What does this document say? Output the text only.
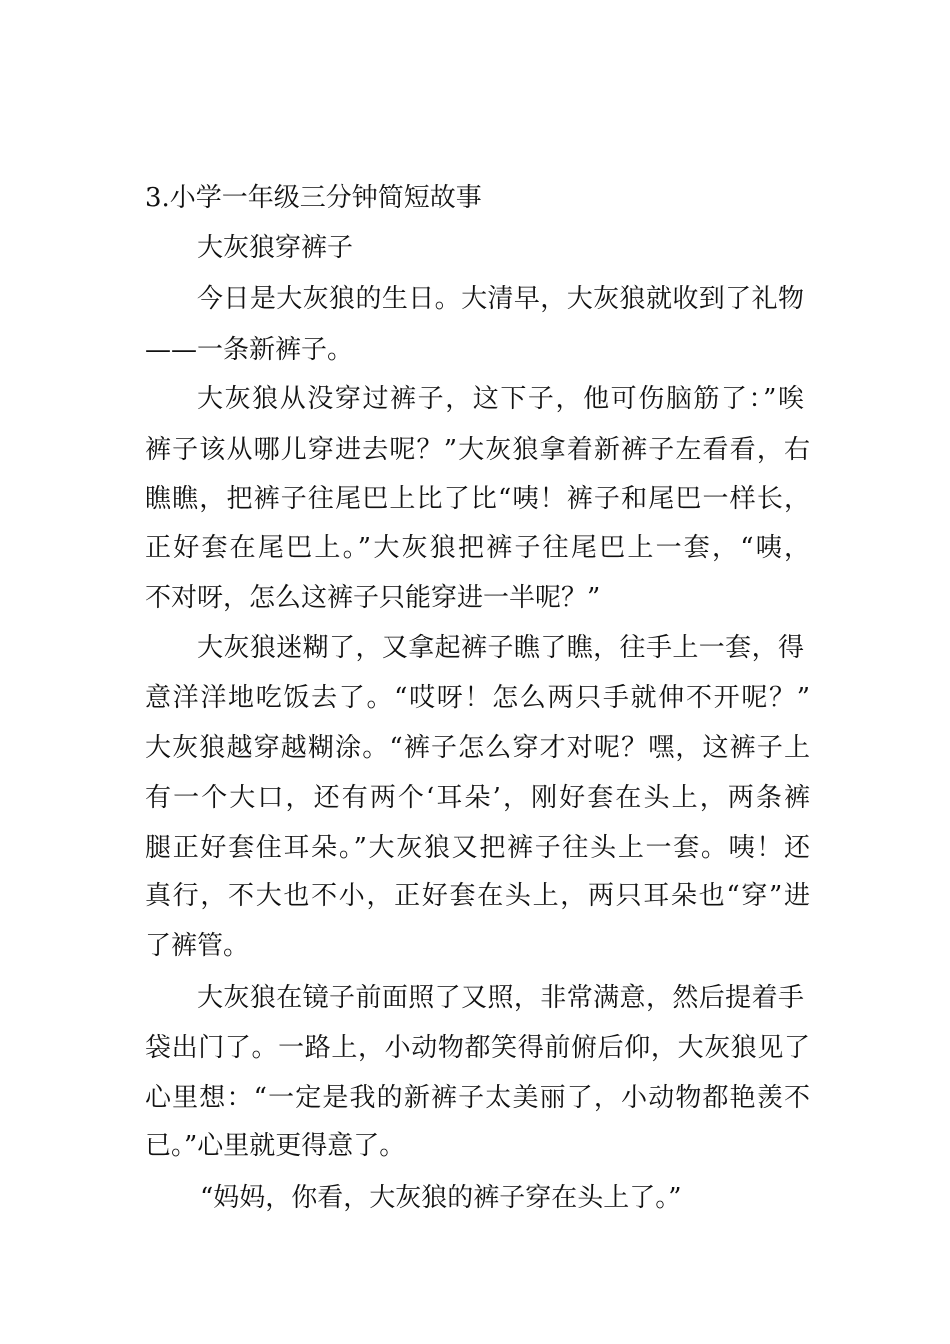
3.小学一年级三分钟简短故事
大灰狼穿裤子
今日是大灰狼的生日。大清早，大灰狼就收到了礼物
——一条新裤子。
大灰狼从没穿过裤子，这下子，他可伤脑筋了：”唉
裤子该从哪儿穿进去呢？”大灰狼拿着新裤子左看看，右
瞧瞧，把裤子往尾巴上比了比“咦！裤子和尾巴一样长，
正好套在尾巴上。”大灰狼把裤子往尾巴上一套，“咦，
不对呀，怎么这裤子只能穿进一半呢？”
大灰狼迷糊了，又拿起裤子瞧了瞧，往手上一套，得
意洋洋地吃饭去了。“哎呀！怎么两只手就伸不开呢？”
大灰狼越穿越糊涂。“裤子怎么穿才对呢？嘿，这裤子上
有一个大口，还有两个‘耳朵’，刚好套在头上，两条裤
腿正好套住耳朵。”大灰狼又把裤子往头上一套。咦！还
真行，不大也不小，正好套在头上，两只耳朵也“穿”进
了裤管。
大灰狼在镜子前面照了又照，非常满意，然后提着手
袋出门了。一路上，小动物都笑得前俯后仰，大灰狼见了
心里想：“一定是我的新裤子太美丽了，小动物都艳羡不
已。”心里就更得意了。
“妈妈，你看，大灰狼的裤子穿在头上了。”
